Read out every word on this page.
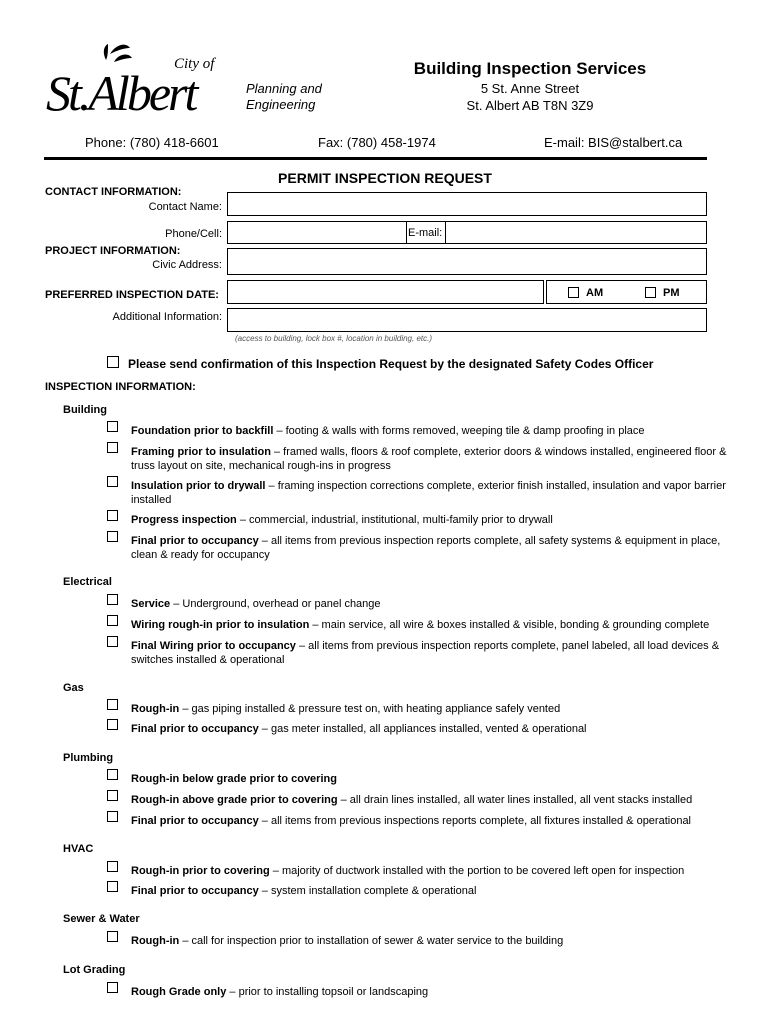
City of
St.Albert	Planning and
Engineering
Building Inspection Services
5 St. Anne Street
St. Albert AB T8N 3Z9
Phone: (780) 418-6601	Fax: (780) 458-1974	E-mail: BIS@stalbert.ca
PERMIT INSPECTION REQUEST
CONTACT INFORMATION:
Contact Name:
Phone/Cell:	E-mail:
PROJECT INFORMATION:
Civic Address:
PREFERRED INSPECTION DATE:	AM	PM
Additional Information:
(access to building, lock box #, location in building, etc.)
Please send confirmation of this Inspection Request by the designated Safety Codes Officer
INSPECTION INFORMATION:
Building
Foundation prior to backfill – footing & walls with forms removed, weeping tile & damp proofing in place
Framing prior to insulation – framed walls, floors & roof complete, exterior doors & windows installed, engineered floor & truss layout on site, mechanical rough-ins in progress
Insulation prior to drywall – framing inspection corrections complete, exterior finish installed, insulation and vapor barrier installed
Progress inspection – commercial, industrial, institutional, multi-family prior to drywall
Final prior to occupancy – all items from previous inspection reports complete, all safety systems & equipment in place, clean & ready for occupancy
Electrical
Service – Underground, overhead or panel change
Wiring rough-in prior to insulation – main service, all wire & boxes installed & visible, bonding & grounding complete
Final Wiring prior to occupancy – all items from previous inspection reports complete, panel labeled, all load devices & switches installed & operational
Gas
Rough-in – gas piping installed & pressure test on, with heating appliance safely vented
Final prior to occupancy – gas meter installed, all appliances installed, vented & operational
Plumbing
Rough-in below grade prior to covering
Rough-in above grade prior to covering – all drain lines installed, all water lines installed, all vent stacks installed
Final prior to occupancy – all items from previous inspections reports complete, all fixtures installed & operational
HVAC
Rough-in prior to covering – majority of ductwork installed with the portion to be covered left open for inspection
Final prior to occupancy – system installation complete & operational
Sewer & Water
Rough-in – call for inspection prior to installation of sewer & water service to the building
Lot Grading
Rough Grade only – prior to installing topsoil or landscaping
